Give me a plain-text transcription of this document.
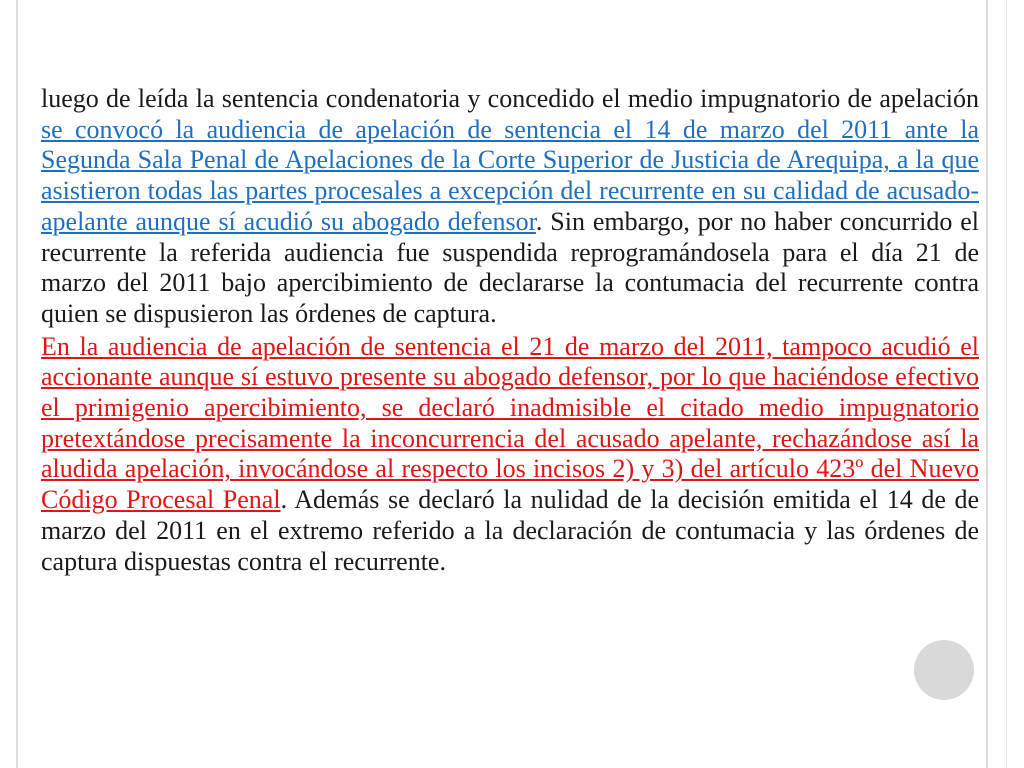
luego de leída la sentencia condenatoria y concedido el medio impugnatorio de apelación se convocó la audiencia de apelación de sentencia el 14 de marzo del 2011 ante la Segunda Sala Penal de Apelaciones de la Corte Superior de Justicia de Arequipa, a la que asistieron todas las partes procesales a excepción del recurrente en su calidad de acusado-apelante aunque sí acudió su abogado defensor. Sin embargo, por no haber concurrido el recurrente la referida audiencia fue suspendida reprogramándosela para el día 21 de marzo del 2011 bajo apercibimiento de declararse la contumacia del recurrente contra quien se dispusieron las órdenes de captura.

En la audiencia de apelación de sentencia el 21 de marzo del 2011, tampoco acudió el accionante aunque sí estuvo presente su abogado defensor, por lo que haciéndose efectivo el primigenio apercibimiento, se declaró inadmisible el citado medio impugnatorio pretextándose precisamente la inconcurrencia del acusado apelante, rechazándose así la aludida apelación, invocándose al respecto los incisos 2) y 3) del artículo 423º del Nuevo Código Procesal Penal. Además se declaró la nulidad de la decisión emitida el 14 de de marzo del 2011 en el extremo referido a la declaración de contumacia y las órdenes de captura dispuestas contra el recurrente.
